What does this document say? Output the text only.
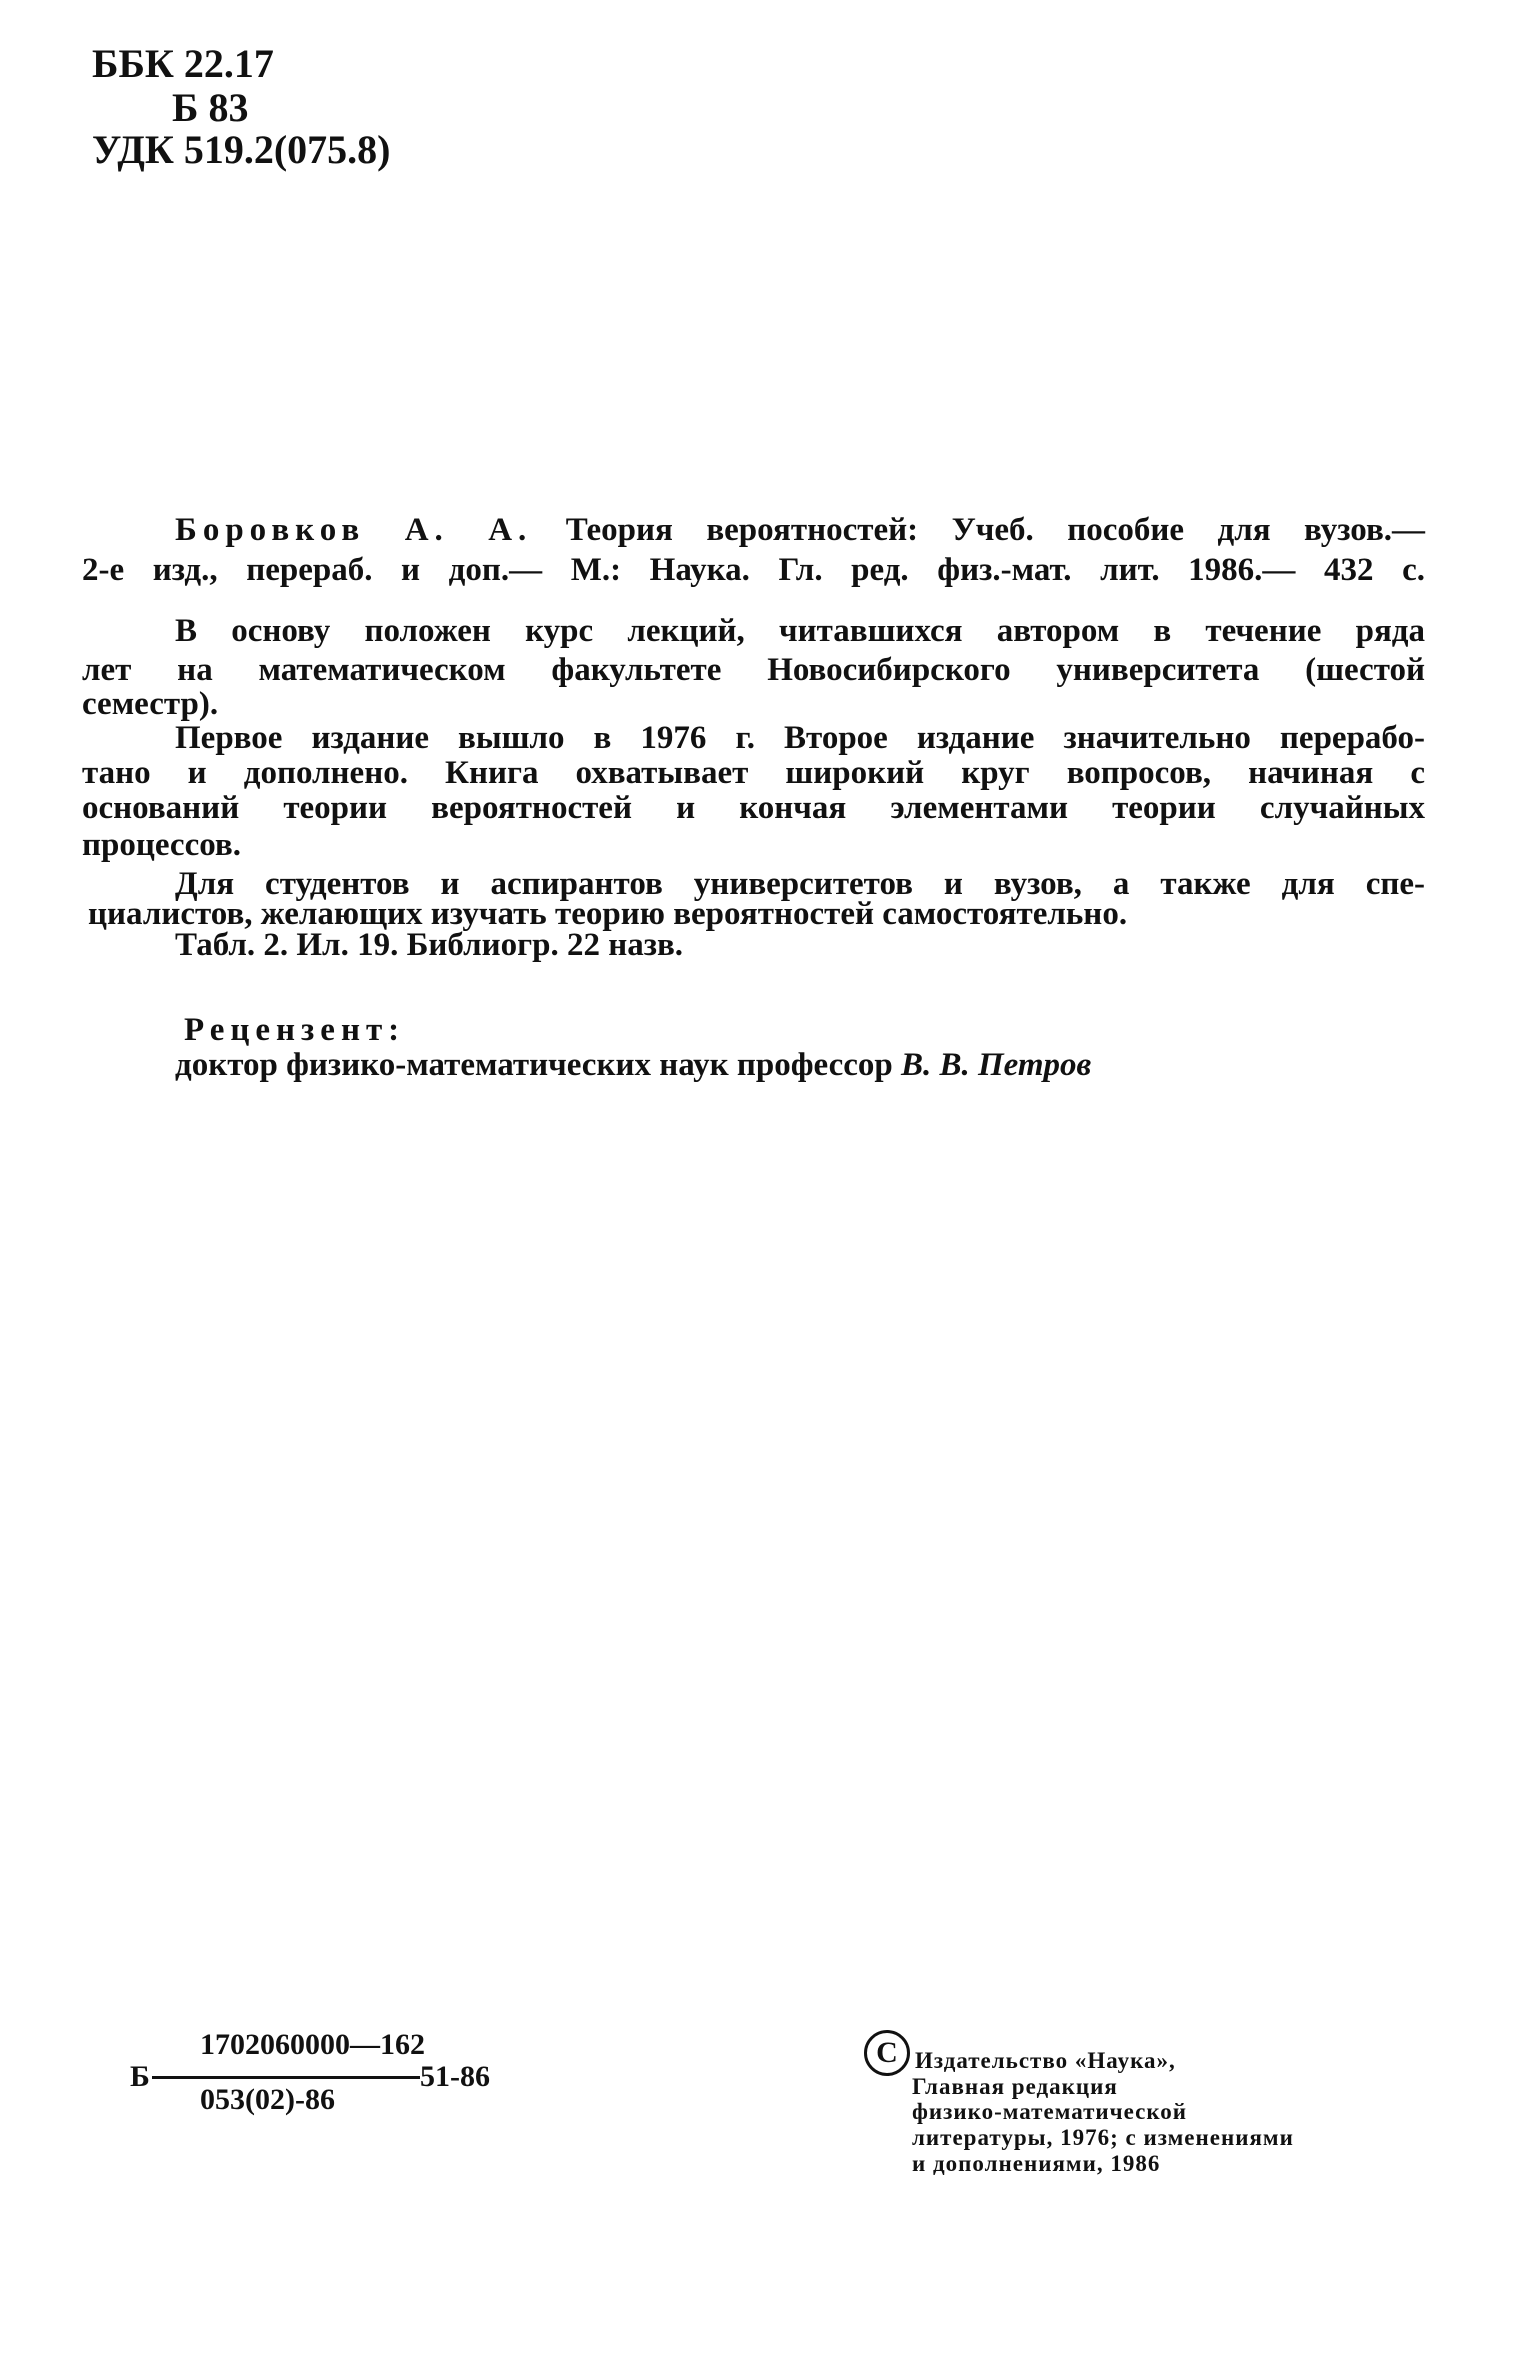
ББК 22.17
Б 83
УДК 519.2(075.8)
Боровков А. А. Теория вероятностей: Учеб. пособие для вузов.—
2-е изд., перераб. и доп.— М.: Наука. Гл. ред. физ.-мат. лит. 1986.— 432 с.
В основу положен курс лекций, читавшихся автором в течение ряда
лет на математическом факультете Новосибирского университета (шестой
семестр).
Первое издание вышло в 1976 г. Второе издание значительно перерабо-
тано и дополнено. Книга охватывает широкий круг вопросов, начиная с
оснований теории вероятностей и кончая элементами теории случайных
процессов.
Для студентов и аспирантов университетов и вузов, а также для спе-
циалистов, желающих изучать теорию вероятностей самостоятельно.
Табл. 2. Ил. 19. Библиогр. 22 назв.
Рецензент:
доктор физико-математических наук профессор В. В. Петров
Б
1702060000—162
053(02)-86
51-86
C Издательство «Наука»,
Главная редакция
физико-математической
литературы, 1976; с изменениями
и дополнениями, 1986
